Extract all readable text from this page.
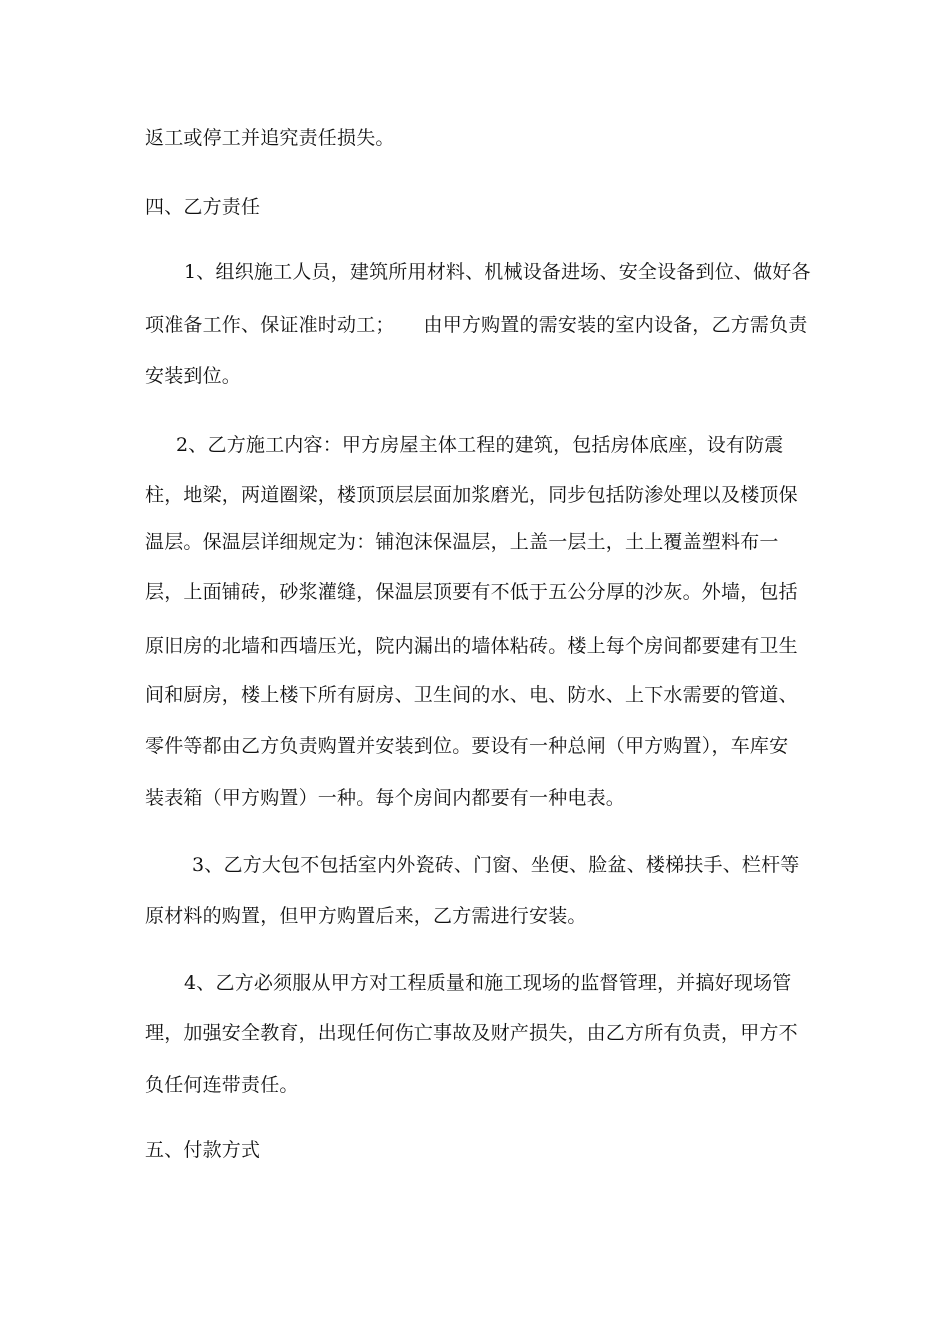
返工或停工并追究责任损失。
四、乙方责任
1、组织施工人员，建筑所用材料、机械设备进场、安全设备到位、做好各
项准备工作、保证准时动工；　　由甲方购置的需安装的室内设备，乙方需负责
安装到位。
2、乙方施工内容：甲方房屋主体工程的建筑，包括房体底座，设有防震
柱，地梁，两道圈梁，楼顶顶层层面加浆磨光，同步包括防渗处理以及楼顶保
温层。保温层详细规定为：铺泡沫保温层，上盖一层土，土上覆盖塑料布一
层，上面铺砖，砂浆灌缝，保温层顶要有不低于五公分厚的沙灰。外墙，包括
原旧房的北墙和西墙压光，院内漏出的墙体粘砖。楼上每个房间都要建有卫生
间和厨房，楼上楼下所有厨房、卫生间的水、电、防水、上下水需要的管道、
零件等都由乙方负责购置并安装到位。要设有一种总闸（甲方购置），车库安
装表箱（甲方购置）一种。每个房间内都要有一种电表。
3、乙方大包不包括室内外瓷砖、门窗、坐便、脸盆、楼梯扶手、栏杆等
原材料的购置，但甲方购置后来，乙方需进行安装。
4、乙方必须服从甲方对工程质量和施工现场的监督管理，并搞好现场管
理，加强安全教育，出现任何伤亡事故及财产损失，由乙方所有负责，甲方不
负任何连带责任。
五、付款方式
